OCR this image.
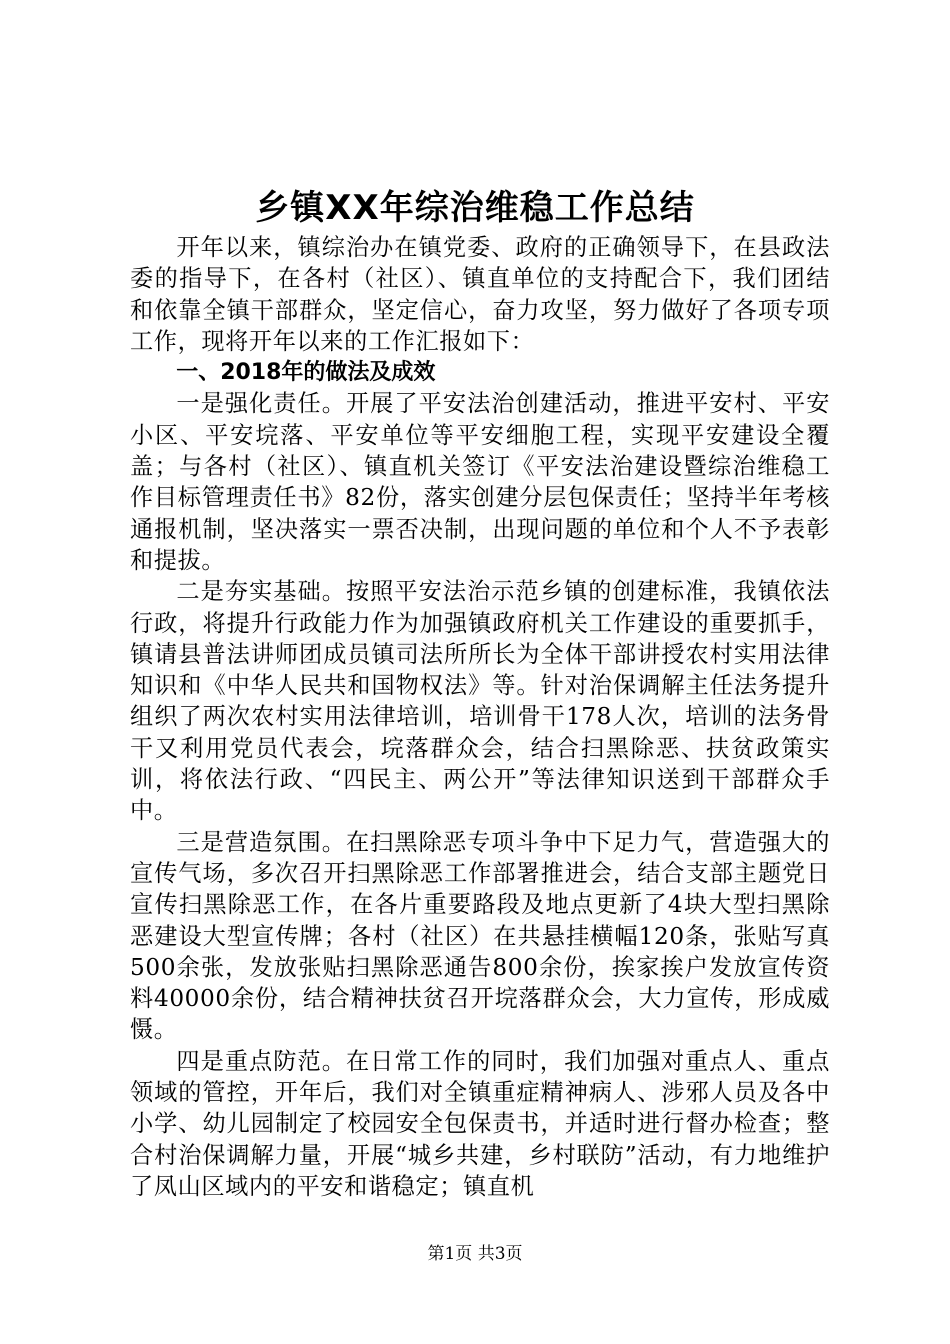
乡镇XX年综治维稳工作总结

开年以来，镇综治办在镇党委、政府的正确领导下，在县政法委的指导下，在各村（社区）、镇直单位的支持配合下，我们团结和依靠全镇干部群众，坚定信心，奋力攻坚，努力做好了各项专项工作，现将开年以来的工作汇报如下：

一、2018年的做法及成效

一是强化责任。开展了平安法治创建活动，推进平安村、平安小区、平安垸落、平安单位等平安细胞工程，实现平安建设全覆盖；与各村（社区）、镇直机关签订《平安法治建设暨综治维稳工作目标管理责任书》82份，落实创建分层包保责任；坚持半年考核通报机制，坚决落实一票否决制，出现问题的单位和个人不予表彰和提拔。

二是夯实基础。按照平安法治示范乡镇的创建标准，我镇依法行政，将提升行政能力作为加强镇政府机关工作建设的重要抓手，镇请县普法讲师团成员镇司法所所长为全体干部讲授农村实用法律知识和《中华人民共和国物权法》等。针对治保调解主任法务提升组织了两次农村实用法律培训，培训骨干178人次，培训的法务骨干又利用党员代表会，垸落群众会，结合扫黑除恶、扶贫政策实训，将依法行政、“四民主、两公开”等法律知识送到干部群众手中。

三是营造氛围。在扫黑除恶专项斗争中下足力气，营造强大的宣传气场，多次召开扫黑除恶工作部署推进会，结合支部主题党日宣传扫黑除恶工作，在各片重要路段及地点更新了4块大型扫黑除恶建设大型宣传牌；各村（社区）在共悬挂横幅120条，张贴写真500余张，发放张贴扫黑除恶通告800余份，挨家挨户发放宣传资料40000余份，结合精神扶贫召开垸落群众会，大力宣传，形成威慑。

四是重点防范。在日常工作的同时，我们加强对重点人、重点领域的管控，开年后，我们对全镇重症精神病人、涉邪人员及各中小学、幼儿园制定了校园安全包保责书，并适时进行督办检查；整合村治保调解力量，开展“城乡共建，乡村联防”活动，有力地维护了凤山区域内的平安和谐稳定；镇直机

第1页 共3页
